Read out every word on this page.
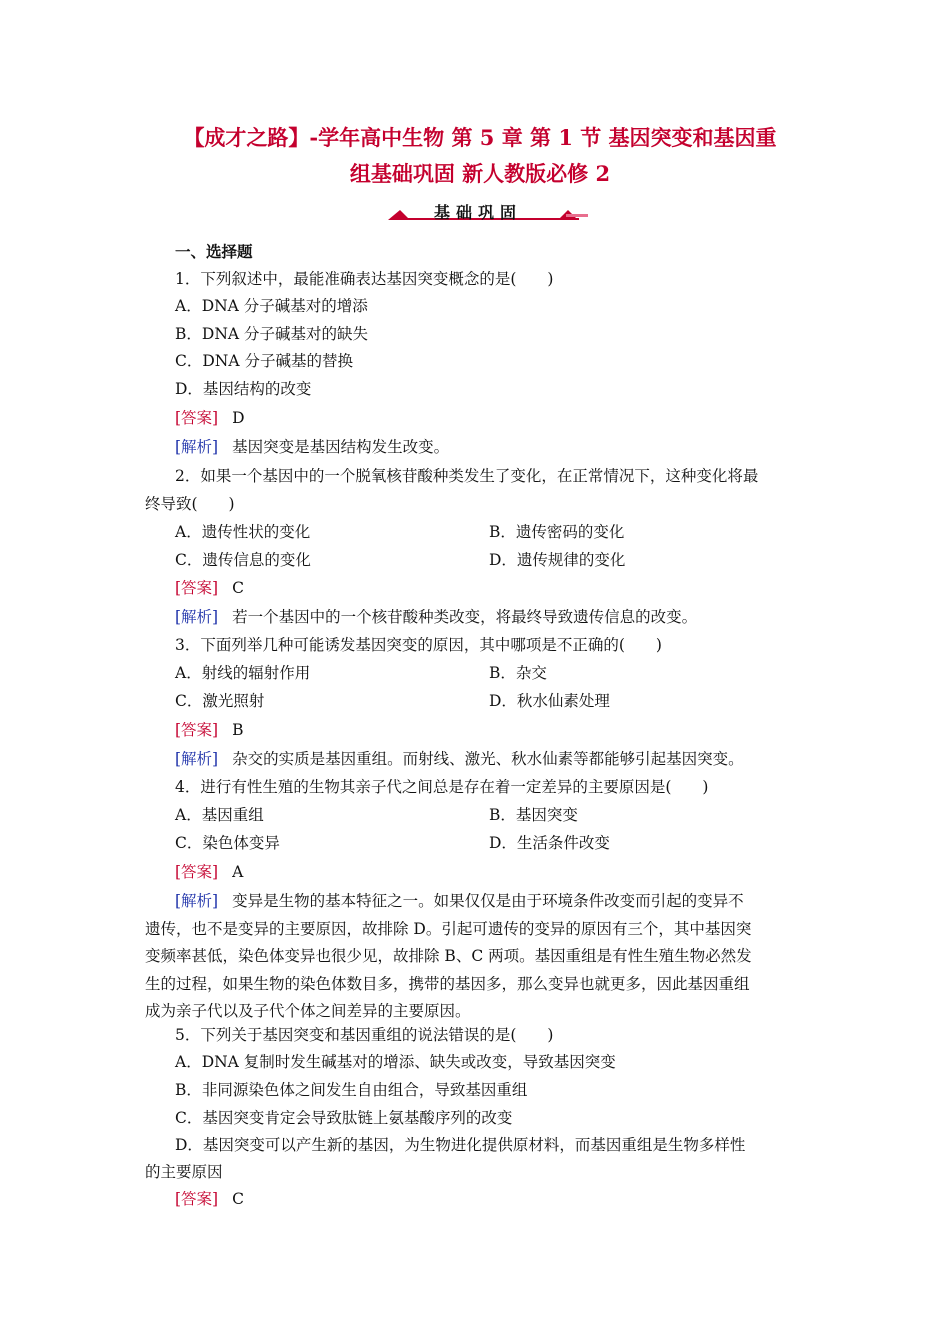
【成才之路】-学年高中生物 第 5 章 第 1 节 基因突变和基因重
组基础巩固 新人教版必修 2
基础巩固
一、选择题
1．下列叙述中，最能准确表达基因突变概念的是(　　)
A．DNA 分子碱基对的增添
B．DNA 分子碱基对的缺失
C．DNA 分子碱基的替换
D．基因结构的改变
[答案] D
[解析] 基因突变是基因结构发生改变。
2．如果一个基因中的一个脱氧核苷酸种类发生了变化，在正常情况下，这种变化将最
终导致(　　)
A．遗传性状的变化	B．遗传密码的变化
C．遗传信息的变化	D．遗传规律的变化
[答案] C
[解析] 若一个基因中的一个核苷酸种类改变，将最终导致遗传信息的改变。
3．下面列举几种可能诱发基因突变的原因，其中哪项是不正确的(　　)
A．射线的辐射作用	B．杂交
C．激光照射	D．秋水仙素处理
[答案] B
[解析] 杂交的实质是基因重组。而射线、激光、秋水仙素等都能够引起基因突变。
4．进行有性生殖的生物其亲子代之间总是存在着一定差异的主要原因是(　　)
A．基因重组	B．基因突变
C．染色体变异	D．生活条件改变
[答案] A
[解析] 变异是生物的基本特征之一。如果仅仅是由于环境条件改变而引起的变异不
遗传，也不是变异的主要原因，故排除 D。引起可遗传的变异的原因有三个，其中基因突
变频率甚低，染色体变异也很少见，故排除 B、C 两项。基因重组是有性生殖生物必然发
生的过程，如果生物的染色体数目多，携带的基因多，那么变异也就更多，因此基因重组
成为亲子代以及子代个体之间差异的主要原因。
5．下列关于基因突变和基因重组的说法错误的是(　　)
A．DNA 复制时发生碱基对的增添、缺失或改变，导致基因突变
B．非同源染色体之间发生自由组合，导致基因重组
C．基因突变肯定会导致肽链上氨基酸序列的改变
D．基因突变可以产生新的基因，为生物进化提供原材料，而基因重组是生物多样性
的主要原因
[答案] C
